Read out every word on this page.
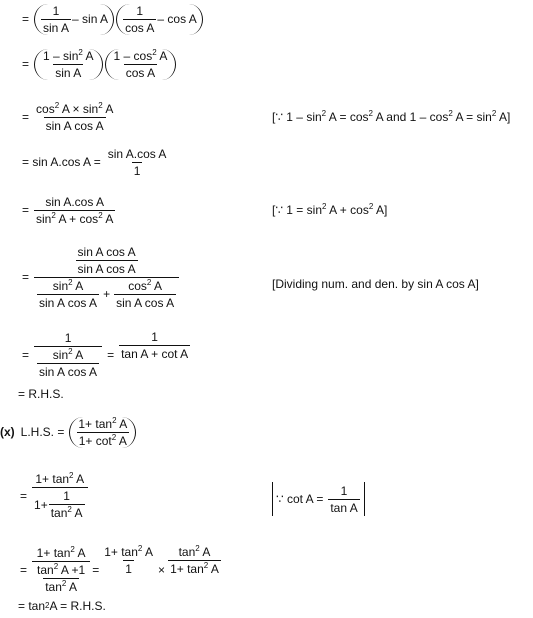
= $\frac{1}{\text{sin A}}$ – sin A $\frac{1}{\text{cos A}}$ – cos A
= $\frac{1 - \sin^2 A}{\text{sin A}} \frac{1 - \cos^2 A}{\text{cos A}}$
= $\frac{\cos^2 A \times \sin^2 A}{\text{sin A cos A}}$	[∵ $1 - \sin^2 A = \cos^2 A$ and $1 - \cos^2 A = \sin^2 A$]
= sin A.cos $A = \frac{\text{sin A.cos A}}{1}$
= $\frac{\text{sin A.cos A}}{\sin^2 A + \cos^2 A}$	[∵ $1 = \sin^2 A + \cos^2 A$]
= $\frac{\frac{\text{sin A cos A}}{\text{sin A cos A}}}{\frac{\sin^2 A}{\text{sin A cos A}} + \frac{\cos^2 A}{\text{sin A cos A}}}$	[Dividing num. and den. by sin A cos A]
= $\frac{1}{\frac{\sin^2 A}{\text{sin A cos A}}} = \frac{1}{\text{tan A + cot A}}$
= R.H.S.
(x) L.H.S. = $\frac{1+ \tan^2 A}{1+ \cot^2 A}$
= $\frac{1+ \tan^2 A}{1+ \frac{1}{\tan^2 A}}$	∵ $\cot A = \frac{1}{\text{tan A}}$
= $\frac{1+ \tan^2 A}{\frac{\tan^2 A +1}{\tan^2 A}} = \frac{1+ \tan^2 A}{1} \times \frac{\tan^2 A}{1+ \tan^2 A}$
= tan 2 A = R.H.S.
